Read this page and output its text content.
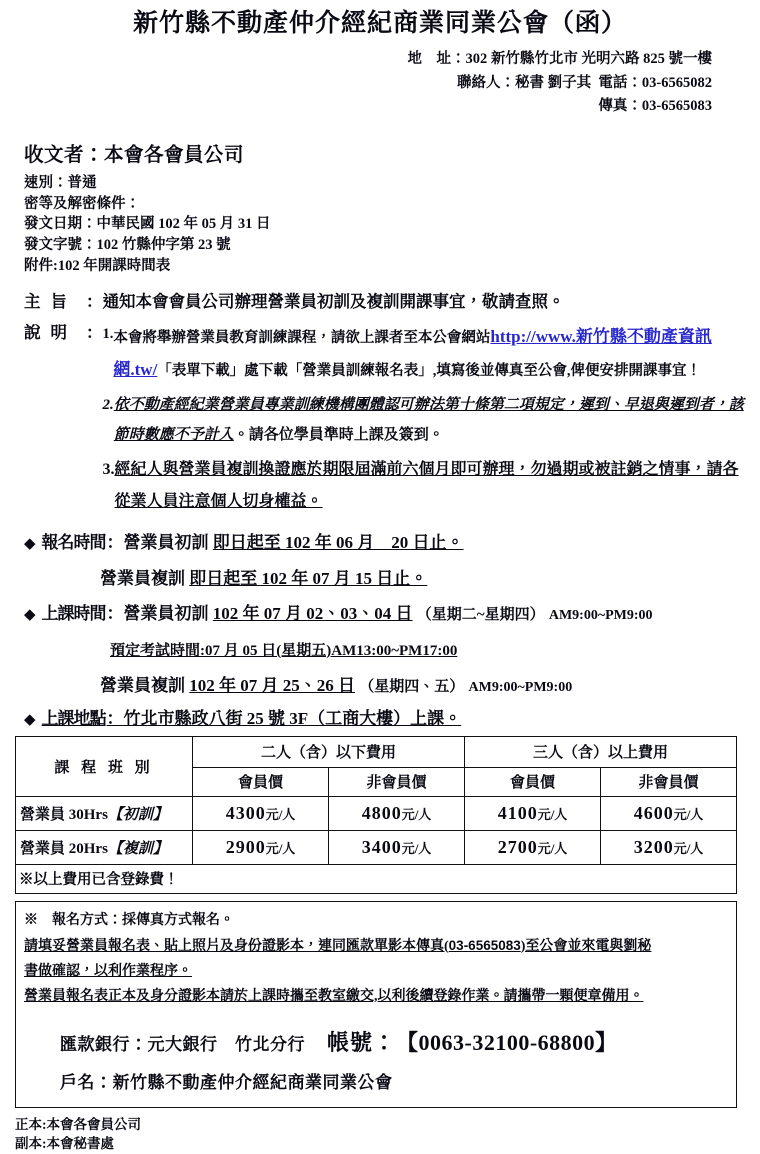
新竹縣不動產仲介經紀商業同業公會（函）
地　址：302 新竹縣竹北市 光明六路 825 號一樓
聯絡人：秘書 劉子其 電話：03-6565082
傳真：03-6565083
收文者：本會各會員公司
速別：普通
密等及解密條件：
發文日期：中華民國 102 年 05 月 31 日
發文字號：102 竹縣仲字第 23 號
附件:102 年開課時間表
主旨 ： 通知本會會員公司辦理營業員初訓及複訓開課事宜，敬請查照。
說明 ： 1. 本會將舉辦營業員教育訓練課程，請欲上課者至本公會網站http://www.新竹縣不動產資訊網.tw/「表單下載」處下載「營業員訓練報名表」,填寫後並傳真至公會,俾便安排開課事宜！
2. 依不動產經紀業營業員專業訓練機構團體認可辦法第十條第二項規定，遲到、早退與遲到者，該節時數應不予計入。請各位學員準時上課及簽到。
3. 經紀人與營業員複訓換證應於期限屆滿前六個月即可辦理，勿過期或被註銷之情事，請各從業人員注意個人切身權益。
◆ 報名時間 ： 營業員初訓 即日起至 102 年 06 月　20 日止。
營業員複訓 即日起至 102 年 07 月 15 日止。
◆ 上課時間 ： 營業員初訓 102 年 07 月 02、03、04 日 （星期二~星期四） AM9:00~PM9:00
預定考試時間:07 月 05 日(星期五)AM13:00~PM17:00
營業員複訓 102 年 07 月 25、26 日 （星期四、五） AM9:00~PM9:00
◆ 上課地點 ： 竹北市縣政八街 25 號 3F（工商大樓）上課。
課 程 班 別	二人（含）以下費用		三人（含）以上費用	
	會員價	非會員價	會員價	非會員價
營業員 30Hrs【初訓】	4300元/人	4800元/人	4100元/人	4600元/人
營業員 20Hrs【複訓】	2900元/人	3400元/人	2700元/人	3200元/人
※以上費用已含登錄費！				
※　報名方式：採傳真方式報名。
請填妥營業員報名表、貼上照片及身份證影本，連同匯款單影本傳真(03-6565083)至公會並來電與劉秘
書做確認，以利作業程序。
營業員報名表正本及身分證影本請於上課時攜至教室繳交,以利後續登錄作業。請攜帶一顆便章備用。
匯款銀行：元大銀行　竹北分行 帳號： 【0063-32100-68800】
戶名：新竹縣不動產仲介經紀商業同業公會
正本:本會各會員公司
副本:本會秘書處
